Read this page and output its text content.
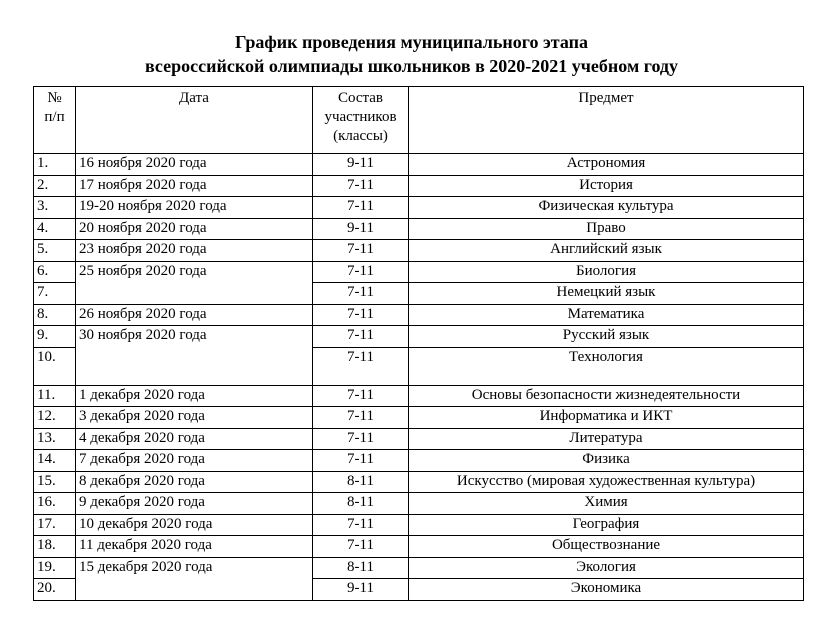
График проведения муниципального этапа
всероссийской олимпиады школьников в 2020-2021 учебном году
№
п/п	Дата	Состав участников (классы)	Предмет
1.	16 ноября 2020 года	9-11	Астрономия
2.	17 ноября 2020 года	7-11	История
3.	19-20 ноября 2020 года	7-11	Физическая культура
4.	20 ноября 2020 года	9-11	Право
5.	23 ноября 2020 года	7-11	Английский язык
6.	25 ноября 2020 года	7-11	Биология
7.		7-11	Немецкий язык
8.	26 ноября 2020 года	7-11	Математика
9.	30 ноября 2020 года	7-11	Русский язык
10.		7-11	Технология
11.	1 декабря 2020 года	7-11	Основы безопасности жизнедеятельности
12.	3 декабря 2020 года	7-11	Информатика и ИКТ
13.	4 декабря 2020 года	7-11	Литература
14.	7 декабря 2020 года	7-11	Физика
15.	8 декабря 2020 года	8-11	Искусство (мировая художественная культура)
16.	9 декабря 2020 года	8-11	Химия
17.	10 декабря 2020 года	7-11	География
18.	11 декабря 2020 года	7-11	Обществознание
19.	15 декабря 2020 года	8-11	Экология
20.		9-11	Экономика
